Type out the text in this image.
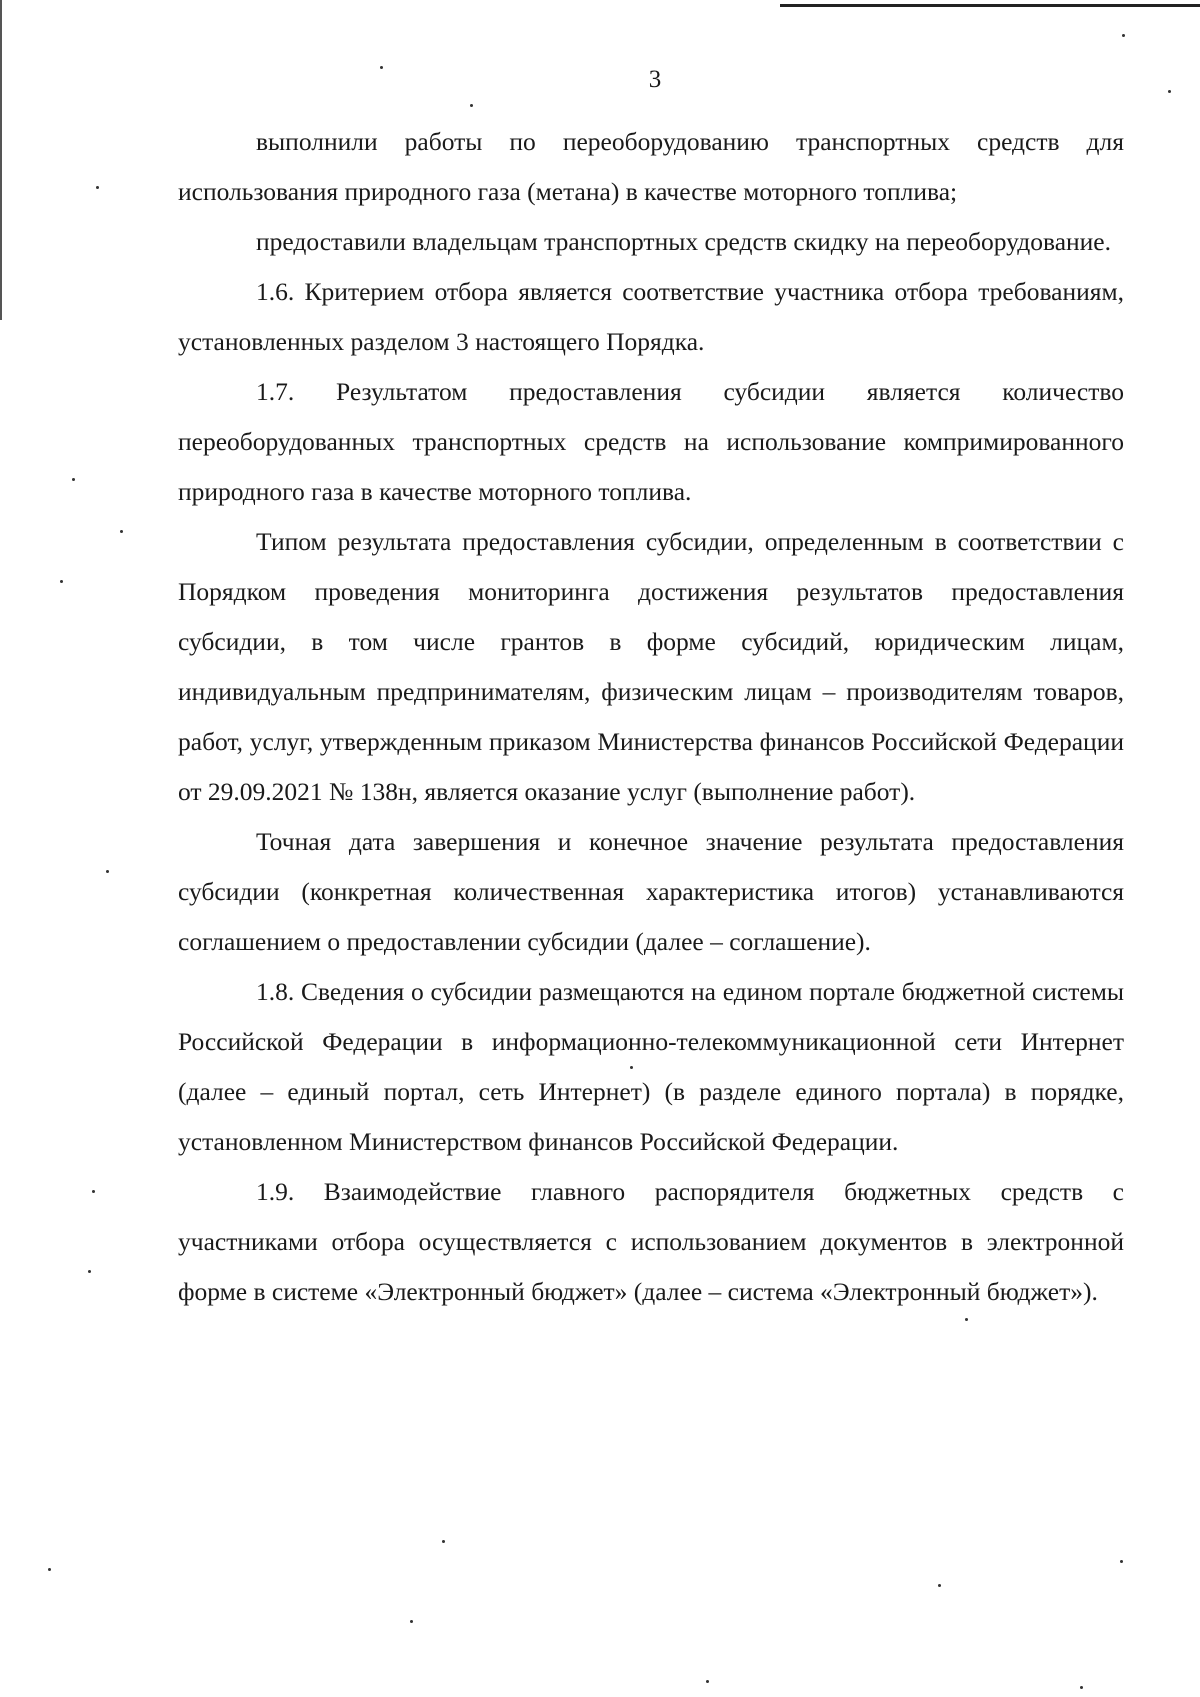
3

выполнили работы по переоборудованию транспортных средств для использования природного газа (метана) в качестве моторного топлива;

предоставили владельцам транспортных средств скидку на переоборудование.

1.6. Критерием отбора является соответствие участника отбора требованиям, установленных разделом 3 настоящего Порядка.

1.7. Результатом предоставления субсидии является количество переоборудованных транспортных средств на использование компримированного природного газа в качестве моторного топлива.

Типом результата предоставления субсидии, определенным в соответствии с Порядком проведения мониторинга достижения результатов предоставления субсидии, в том числе грантов в форме субсидий, юридическим лицам, индивидуальным предпринимателям, физическим лицам – производителям товаров, работ, услуг, утвержденным приказом Министерства финансов Российской Федерации от 29.09.2021 № 138н, является оказание услуг (выполнение работ).

Точная дата завершения и конечное значение результата предоставления субсидии (конкретная количественная характеристика итогов) устанавливаются соглашением о предоставлении субсидии (далее – соглашение).

1.8. Сведения о субсидии размещаются на едином портале бюджетной системы Российской Федерации в информационно-телекоммуникационной сети Интернет (далее – единый портал, сеть Интернет) (в разделе единого портала) в порядке, установленном Министерством финансов Российской Федерации.

1.9. Взаимодействие главного распорядителя бюджетных средств с участниками отбора осуществляется с использованием документов в электронной форме в системе «Электронный бюджет» (далее – система «Электронный бюджет»).
